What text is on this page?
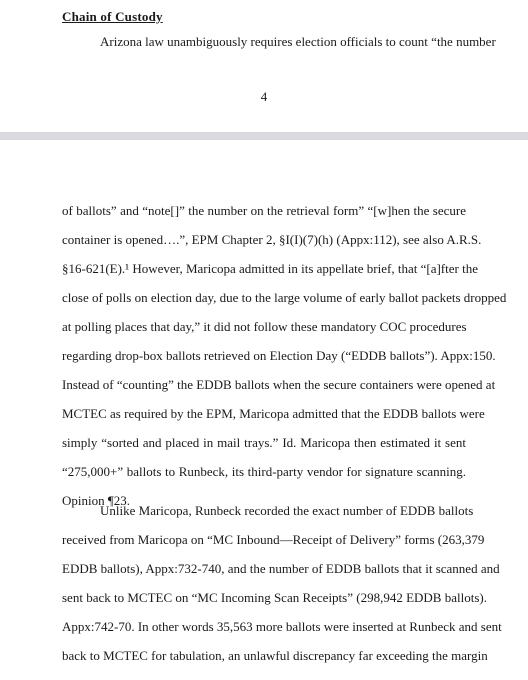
Chain of Custody

Arizona law unambiguously requires election officials to count “the number

4

of ballots” and “note[]” the number on the retrieval form” “[w]hen the secure
container is opened….”, EPM Chapter 2, §I(I)(7)(h) (Appx:112), see also A.R.S.
§16-621(E).¹ However, Maricopa admitted in its appellate brief, that “[a]fter the
close of polls on election day, due to the large volume of early ballot packets dropped
at polling places that day,” it did not follow these mandatory COC procedures
regarding drop-box ballots retrieved on Election Day (“EDDB ballots”). Appx:150.
Instead of “counting” the EDDB ballots when the secure containers were opened at
MCTEC as required by the EPM, Maricopa admitted that the EDDB ballots were
simply “sorted and placed in mail trays.” Id. Maricopa then estimated it sent
“275,000+” ballots to Runbeck, its third-party vendor for signature scanning.
Opinion ¶23.

Unlike Maricopa, Runbeck recorded the exact number of EDDB ballots
received from Maricopa on “MC Inbound—Receipt of Delivery” forms (263,379
EDDB ballots), Appx:732-740, and the number of EDDB ballots that it scanned and
sent back to MCTEC on “MC Incoming Scan Receipts” (298,942 EDDB ballots).
Appx:742-70. In other words 35,563 more ballots were inserted at Runbeck and sent
back to MCTEC for tabulation, an unlawful discrepancy far exceeding the margin
